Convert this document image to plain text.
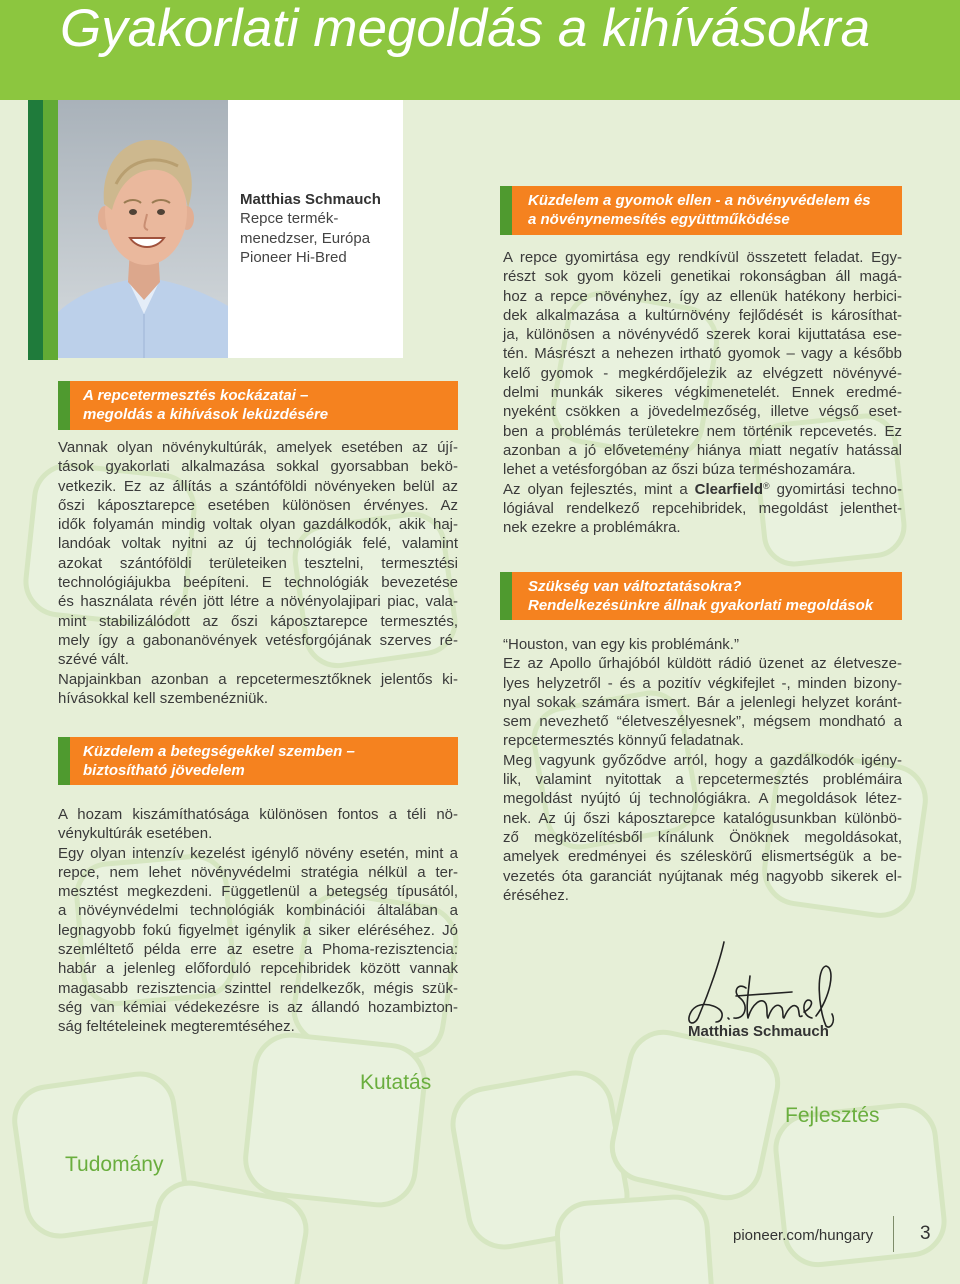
Gyakorlati megoldás a kihívásokra
Matthias Schmauch
Repce termék-
menedzser, Európa
Pioneer Hi-Bred
A repcetermesztés kockázatai –
megoldás a kihívások leküzdésére
Vannak olyan növénykultúrák, amelyek esetében az újí-
tások gyakorlati alkalmazása sokkal gyorsabban bekö-
vetkezik. Ez az állítás a szántóföldi növényeken belül az
őszi káposztarepce esetében különösen érvényes. Az
idők folyamán mindig voltak olyan gazdálkodók, akik haj-
landóak voltak nyitni az új technológiák felé, valamint
azokat szántóföldi területeiken tesztelni, termesztési
technológiájukba beépíteni. E technológiák bevezetése
és használata révén jött létre a növényolajipari piac, vala-
mint stabilizálódott az őszi káposztarepce termesztés,
mely így a gabonanövények vetésforgójának szerves ré-
szévé vált.
Napjainkban azonban a repcetermesztőknek jelentős ki-
hívásokkal kell szembenézniük.
Küzdelem a betegségekkel szemben –
biztosítható jövedelem
A hozam kiszámíthatósága különösen fontos a téli nö-
vénykultúrák esetében.
Egy olyan intenzív kezelést igénylő növény esetén, mint a
repce, nem lehet növényvédelmi stratégia nélkül a ter-
mesztést megkezdeni. Függetlenül a betegség típusától,
a növéynvédelmi technológiák kombinációi általában a
legnagyobb fokú figyelmet igénylik a siker eléréséhez. Jó
szemléltető példa erre az esetre a Phoma-rezisztencia:
habár a jelenleg előforduló repcehibridek között vannak
magasabb rezisztencia szinttel rendelkezők, mégis szük-
ség van kémiai védekezésre is az állandó hozambizton-
ság feltételeinek megteremtéséhez.
Küzdelem a gyomok ellen - a növényvédelem és
a növénynemesítés együttműködése
A repce gyomirtása egy rendkívül összetett feladat. Egy-
részt sok gyom közeli genetikai rokonságban áll magá-
hoz a repce növényhez, így az ellenük hatékony herbici-
dek alkalmazása a kultúrnövény fejlődését is károsíthat-
ja, különösen a növényvédő szerek korai kijuttatása ese-
tén. Másrészt a nehezen irtható gyomok – vagy a később
kelő gyomok - megkérdőjelezik az elvégzett növényvé-
delmi munkák sikeres végkimenetelét. Ennek eredmé-
nyeként csökken a jövedelmezőség, illetve végső eset-
ben a problémás területekre nem történik repcevetés. Ez
azonban a jó elővetemény hiánya miatt negatív hatással
lehet a vetésforgóban az őszi búza terméshozamára.
Az olyan fejlesztés, mint a Clearfield® gyomirtási techno-
lógiával rendelkező repcehibridek, megoldást jelenthet-
nek ezekre a problémákra.
Szükség van változtatásokra?
Rendelkezésünkre állnak gyakorlati megoldások
“Houston, van egy kis problémánk.”
Ez az Apollo űrhajóból küldött rádió üzenet az életvesze-
lyes helyzetről - és a pozitív végkifejlet -, minden bizony-
nyal sokak számára ismert. Bár a jelenlegi helyzet koránt-
sem nevezhető “életveszélyesnek”, mégsem mondható a
repcetermesztés könnyű feladatnak.
Meg vagyunk győződve arról, hogy a gazdálkodók igény-
lik, valamint nyitottak a repcetermesztés problémáira
megoldást nyújtó új technológiákra. A megoldások létez-
nek. Az új őszi káposztarepce katalógusunkban különbö-
ző megközelítésből kínálunk Önöknek megoldásokat,
amelyek eredményei és széleskörű elismertségük a be-
vezetés óta garanciát nyújtanak még nagyobb sikerek el-
éréséhez.
Matthias Schmauch
Kutatás
Fejlesztés
Tudomány
pioneer.com/hungary 3
